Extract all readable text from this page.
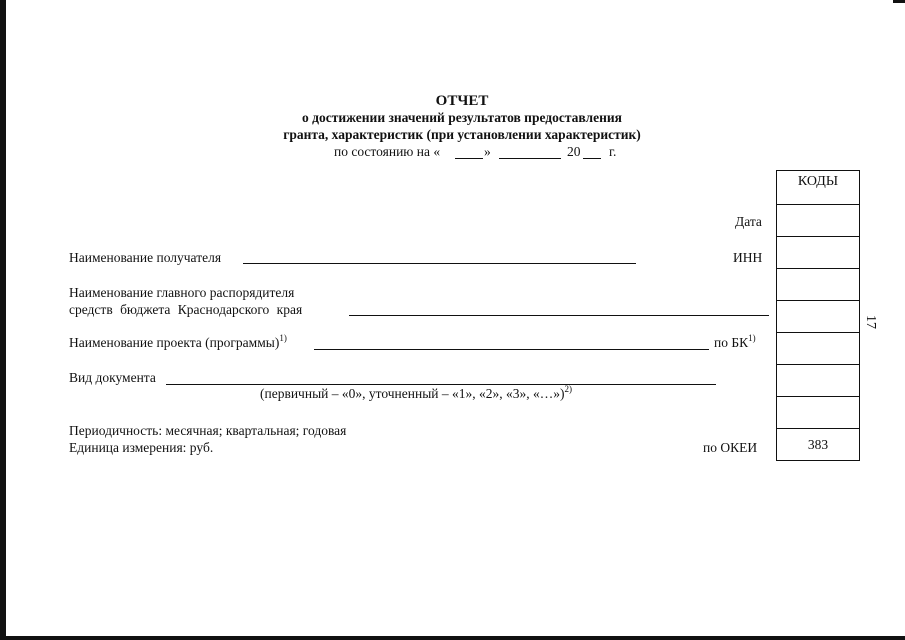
ОТЧЕТ
о достижении значений результатов предоставления
гранта, характеристик (при установлении характеристик)
по состоянию на «	»	20 г.
КОДЫ
383
Дата
ИНН
по БК$^{1)}$
по ОКЕИ
Наименование получателя
Наименование главного распорядителя
средств бюджета Краснодарского края
Наименование проекта (программы)$^{1)}$
Вид документа
(первичный – «0», уточненный – «1», «2», «3», «…»)$^{2)}$
Периодичность: месячная; квартальная; годовая
Единица измерения: руб.
17
